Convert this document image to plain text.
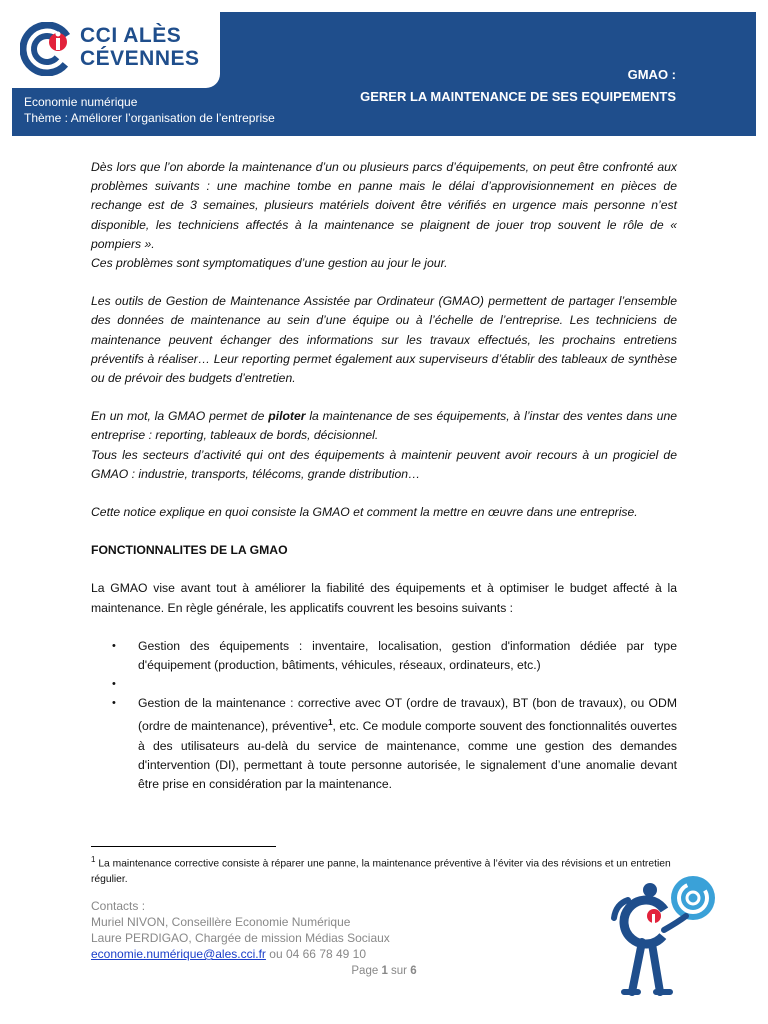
CCI ALÈS
CÉVENNES
Economie numérique
Thème : Améliorer l’organisation de l’entreprise
GMAO :
GERER LA MAINTENANCE DE SES EQUIPEMENTS

Dès lors que l’on aborde la maintenance d’un ou plusieurs parcs d’équipements, on peut être confronté aux problèmes suivants : une machine tombe en panne mais le délai d’approvisionnement en pièces de rechange est de 3 semaines, plusieurs matériels doivent être vérifiés en urgence mais personne n’est disponible, les techniciens affectés à la maintenance se plaignent de jouer trop souvent le rôle de « pompiers ».

Ces problèmes sont symptomatiques d’une gestion au jour le jour.

Les outils de Gestion de Maintenance Assistée par Ordinateur (GMAO) permettent de partager l’ensemble des données de maintenance au sein d’une équipe ou à l’échelle de l’entreprise. Les techniciens de maintenance peuvent échanger des informations sur les travaux effectués, les prochains entretiens préventifs à réaliser… Leur reporting permet également aux superviseurs d’établir des tableaux de synthèse ou de prévoir des budgets d’entretien.

En un mot, la GMAO permet de piloter la maintenance de ses équipements, à l’instar des ventes dans une entreprise : reporting, tableaux de bords, décisionnel.

Tous les secteurs d’activité qui ont des équipements à maintenir peuvent avoir recours à un progiciel de GMAO : industrie, transports, télécoms, grande distribution…

Cette notice explique en quoi consiste la GMAO et comment la mettre en œuvre dans une entreprise.

FONCTIONNALITES DE LA GMAO

La GMAO vise avant tout à améliorer la fiabilité des équipements et à optimiser le budget affecté à la maintenance. En règle générale, les applicatifs couvrent les besoins suivants :

• Gestion des équipements : inventaire, localisation, gestion d'information dédiée par type d'équipement (production, bâtiments, véhicules, réseaux, ordinateurs, etc.)
•
• Gestion de la maintenance : corrective avec OT (ordre de travaux), BT (bon de travaux), ou ODM (ordre de maintenance), préventive$^1$, etc. Ce module comporte souvent des fonctionnalités ouvertes à des utilisateurs au-delà du service de maintenance, comme une gestion des demandes d'intervention (DI), permettant à toute personne autorisée, le signalement d’une anomalie devant être prise en considération par la maintenance.
$^1$ La maintenance corrective consiste à réparer une panne, la maintenance préventive à l’éviter via des révisions et un entretien régulier.
Contacts :
Muriel NIVON, Conseillère Economie Numérique
Laure PERDIGAO, Chargée de mission Médias Sociaux
economie.numérique@ales.cci.fr ou 04 66 78 49 10
Page 1 sur 6
